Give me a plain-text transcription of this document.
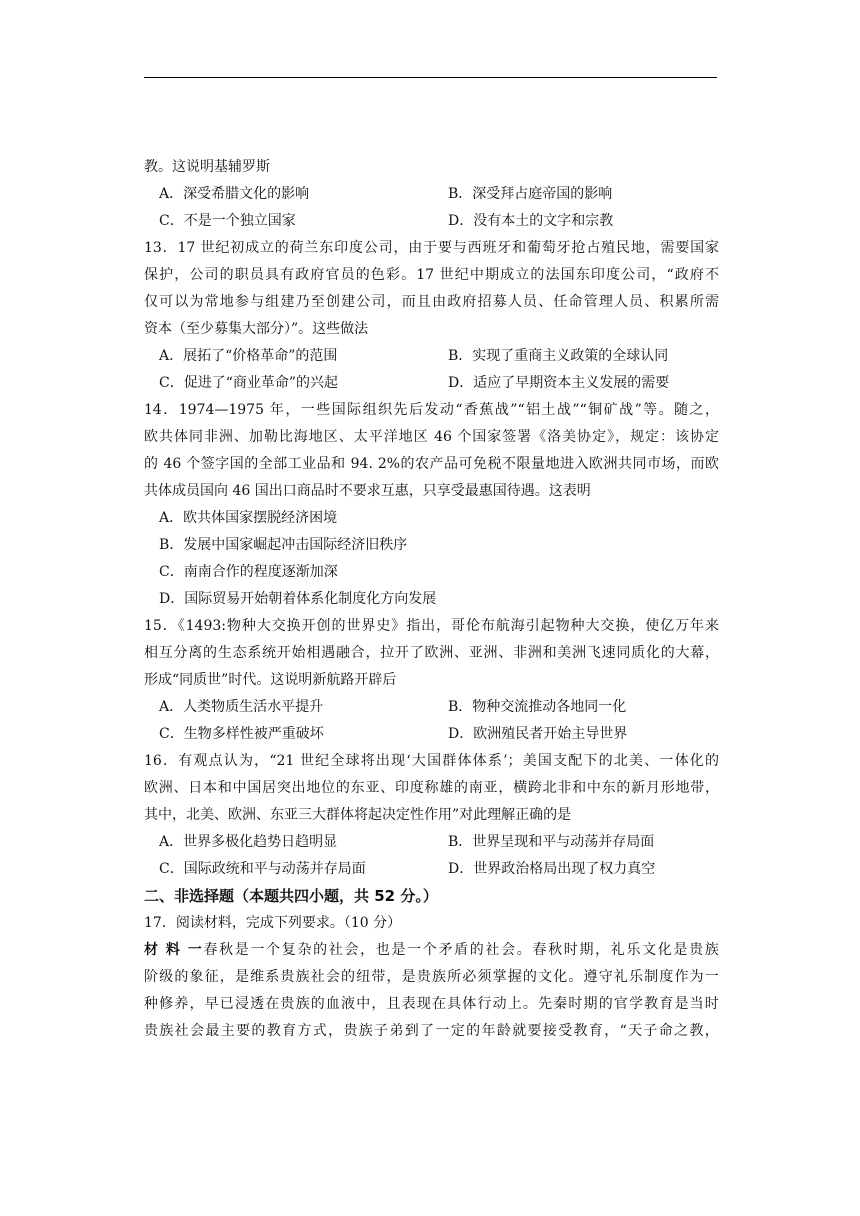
教。这说明基辅罗斯
A．深受希腊文化的影响	B．深受拜占庭帝国的影响
C．不是一个独立国家	D．没有本土的文字和宗教
13．17 世纪初成立的荷兰东印度公司，由于要与西班牙和葡萄牙抢占殖民地，需要国家
保护，公司的职员具有政府官员的色彩。17 世纪中期成立的法国东印度公司，“政府不
仅可以为常地参与组建乃至创建公司，而且由政府招募人员、任命管理人员、积累所需
资本（至少募集大部分）”。这些做法
A．展拓了“价格革命”的范围	B．实现了重商主义政策的全球认同
C．促进了“商业革命”的兴起	D．适应了早期资本主义发展的需要
14．1974—1975 年，一些国际组织先后发动“香蕉战”“铝土战”“铜矿战”等。随之，
欧共体同非洲、加勒比海地区、太平洋地区 46 个国家签署《洛美协定》，规定：该协定
的 46 个签字国的全部工业品和 94. 2%的农产品可免税不限量地进入欧洲共同市场，而欧
共体成员国向 46 国出口商品时不要求互惠，只享受最惠国待遇。这表明
A．欧共体国家摆脱经济困境
B．发展中国家崛起冲击国际经济旧秩序
C．南南合作的程度逐渐加深
D．国际贸易开始朝着体系化制度化方向发展
15．《1493:物种大交换开创的世界史》指出，哥伦布航海引起物种大交换，使亿万年来
相互分离的生态系统开始相遇融合，拉开了欧洲、亚洲、非洲和美洲飞速同质化的大幕，
形成“同质世”时代。这说明新航路开辟后
A．人类物质生活水平提升	B．物种交流推动各地同一化
C．生物多样性被严重破坏	D．欧洲殖民者开始主导世界
16．有观点认为，“21 世纪全球将出现‘大国群体体系’；美国支配下的北美、一体化的
欧洲、日本和中国居突出地位的东亚、印度称雄的南亚，横跨北非和中东的新月形地带，
其中，北美、欧洲、东亚三大群体将起决定性作用”对此理解正确的是
A．世界多极化趋势日趋明显	B．世界呈现和平与动荡并存局面
C．国际政统和平与动荡并存局面	D．世界政治格局出现了权力真空
二、非选择题（本题共四小题，共 52 分。）
17．阅读材料，完成下列要求。（10 分）
材料一春秋是一个复杂的社会，也是一个矛盾的社会。春秋时期，礼乐文化是贵族
阶级的象征，是维系贵族社会的纽带，是贵族所必须掌握的文化。遵守礼乐制度作为一
种修养，早已浸透在贵族的血液中，且表现在具体行动上。先秦时期的官学教育是当时
贵族社会最主要的教育方式，贵族子弟到了一定的年龄就要接受教育，“天子命之教，
